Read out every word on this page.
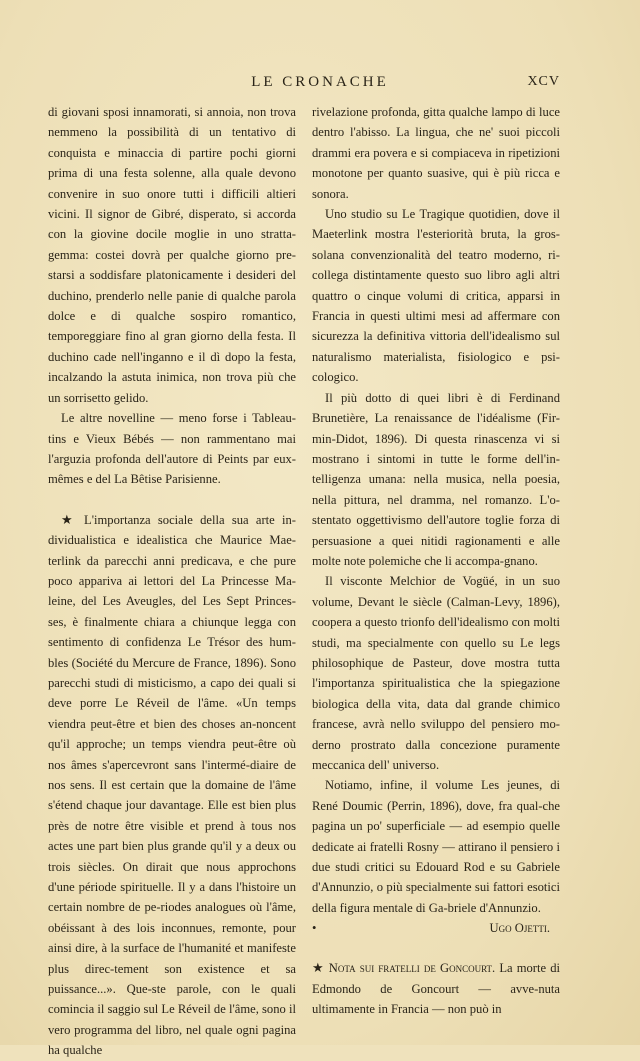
LE CRONACHE	XCV

di giovani sposi innamorati, si annoia, non trova nemmeno la possibilità di un tentativo di conquista e minaccia di partire pochi giorni prima di una festa solenne, alla quale devono convenire in suo onore tutti i difficili altieri vicini. Il signor de Gibré, disperato, si accorda con la giovine docile moglie in uno stratta-gemma: costei dovrà per qualche giorno pre-starsi a soddisfare platonicamente i desideri del duchino, prenderlo nelle panie di qualche parola dolce e di qualche sospiro romantico, temporeggiare fino al gran giorno della festa. Il duchino cade nell'inganno e il dì dopo la festa, incalzando la astuta inimica, non trova più che un sorrisetto gelido.

Le altre novelline — meno forse i Tableau-tins e Vieux Bébés — non rammentano mai l'arguzia profonda dell'autore di Peints par eux-mêmes e del La Bêtise Parisienne.

★ L'importanza sociale della sua arte in-dividualistica e idealistica che Maurice Mae-terlink da parecchi anni predicava, e che pure poco appariva ai lettori del La Princesse Ma-leine, del Les Aveugles, del Les Sept Princes-ses, è finalmente chiara a chiunque legga con sentimento di confidenza Le Trésor des hum-bles (Société du Mercure de France, 1896). Sono parecchi studi di misticismo, a capo dei quali si deve porre Le Réveil de l'âme. «Un temps viendra peut-être et bien des choses an-noncent qu'il approche; un temps viendra peut-être où nos âmes s'apercevront sans l'intermé-diaire de nos sens. Il est certain que la domaine de l'âme s'étend chaque jour davantage. Elle est bien plus près de notre être visible et prend à tous nos actes une part bien plus grande qu'il y a deux ou trois siècles. On dirait que nous approchons d'une période spirituelle. Il y a dans l'histoire un certain nombre de pe-riodes analogues où l'âme, obéissant à des lois inconnues, remonte, pour ainsi dire, à la surface de l'humanité et manifeste plus direc-tement son existence et sa puissance...». Que-ste parole, con le quali comincia il saggio sul Le Réveil de l'âme, sono il vero programma del libro, nel quale ogni pagina ha qualche

rivelazione profonda, gitta qualche lampo di luce dentro l'abisso. La lingua, che ne' suoi piccoli drammi era povera e si compiaceva in ripetizioni monotone per quanto suasive, qui è più ricca e sonora.

Uno studio su Le Tragique quotidien, dove il Maeterlink mostra l'esteriorità bruta, la gros-solana convenzionalità del teatro moderno, ri-collega distintamente questo suo libro agli altri quattro o cinque volumi di critica, apparsi in Francia in questi ultimi mesi ad affermare con sicurezza la definitiva vittoria dell'idealismo sul naturalismo materialista, fisiologico e psi-cologico.

Il più dotto di quei libri è di Ferdinand Brunetière, La renaissance de l'idéalisme (Fir-min-Didot, 1896). Di questa rinascenza vi si mostrano i sintomi in tutte le forme dell'in-telligenza umana: nella musica, nella poesia, nella pittura, nel dramma, nel romanzo. L'o-stentato oggettivismo dell'autore toglie forza di persuasione a quei nitidi ragionamenti e alle molte note polemiche che li accompa-gnano.

Il visconte Melchior de Vogüé, in un suo volume, Devant le siècle (Calman-Levy, 1896), coopera a questo trionfo dell'idealismo con molti studi, ma specialmente con quello su Le legs philosophique de Pasteur, dove mostra tutta l'importanza spiritualistica che la spiegazione biologica della vita, data dal grande chimico francese, avrà nello sviluppo del pensiero mo-derno prostrato dalla concezione puramente meccanica dell' universo.

Notiamo, infine, il volume Les jeunes, di René Doumic (Perrin, 1896), dove, fra qual-che pagina un po' superficiale — ad esempio quelle dedicate ai fratelli Rosny — attirano il pensiero i due studi critici su Edouard Rod e su Gabriele d'Annunzio, o più specialmente sui fattori esotici della figura mentale di Ga-briele d'Annunzio.

•	Ugo Ojetti.

★ Nota sui fratelli de Goncourt. La morte di Edmondo de Goncourt — avve-nuta ultimamente in Francia — non può in
